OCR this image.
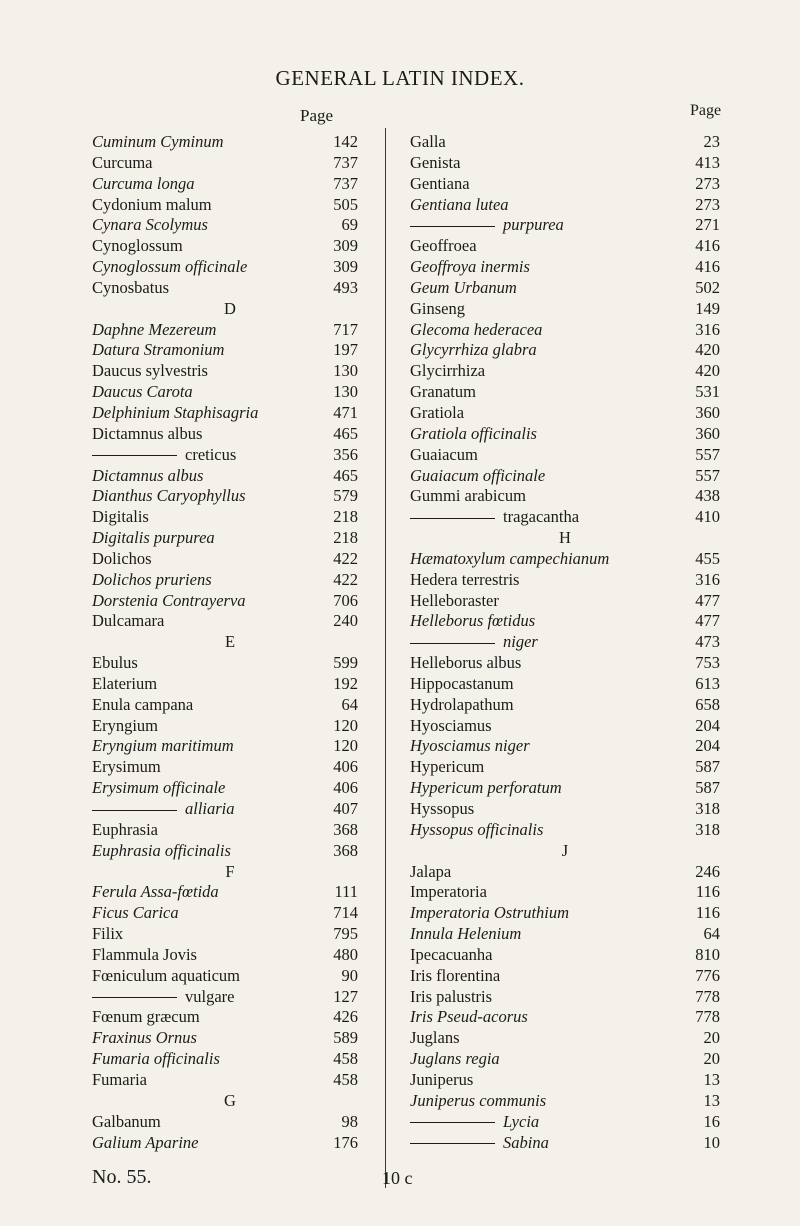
GENERAL LATIN INDEX.
Page
Cuminum Cyminum	142
Curcuma	737
Curcuma longa	737
Cydonium malum	505
Cynara Scolymus	69
Cynoglossum	309
Cynoglossum officinale	309
Cynosbatus	493
D
Daphne Mezereum	717
Datura Stramonium	197
Daucus sylvestris	130
Daucus Carota	130
Delphinium Staphisagria	471
Dictamnus albus	465
creticus	356
Dictamnus albus	465
Dianthus Caryophyllus	579
Digitalis	218
Digitalis purpurea	218
Dolichos	422
Dolichos pruriens	422
Dorstenia Contrayerva	706
Dulcamara	240
E
Ebulus	599
Elaterium	192
Enula campana	64
Eryngium	120
Eryngium maritimum	120
Erysimum	406
Erysimum officinale	406
alliaria	407
Euphrasia	368
Euphrasia officinalis	368
F
Ferula Assa-fœtida	111
Ficus Carica	714
Filix	795
Flammula Jovis	480
Fœniculum aquaticum	90
vulgare	127
Fœnum græcum	426
Fraxinus Ornus	589
Fumaria officinalis	458
Fumaria	458
G
Galbanum	98
Galium Aparine	176
Page
Galla	23
Genista	413
Gentiana	273
Gentiana lutea	273
purpurea	271
Geoffroea	416
Geoffroya inermis	416
Geum Urbanum	502
Ginseng	149
Glecoma hederacea	316
Glycyrrhiza glabra	420
Glycirrhiza	420
Granatum	531
Gratiola	360
Gratiola officinalis	360
Guaiacum	557
Guaiacum officinale	557
Gummi arabicum	438
tragacantha	410
H
Hæmatoxylum campechianum	455
Hedera terrestris	316
Helleboraster	477
Helleborus fœtidus	477
niger	473
Helleborus albus	753
Hippocastanum	613
Hydrolapathum	658
Hyosciamus	204
Hyosciamus niger	204
Hypericum	587
Hypericum perforatum	587
Hyssopus	318
Hyssopus officinalis	318
J
Jalapa	246
Imperatoria	116
Imperatoria Ostruthium	116
Innula Helenium	64
Ipecacuanha	810
Iris florentina	776
Iris palustris	778
Iris Pseud-acorus	778
Juglans	20
Juglans regia	20
Juniperus	13
Juniperus communis	13
Lycia	16
Sabina	10
No. 55.	10 c
